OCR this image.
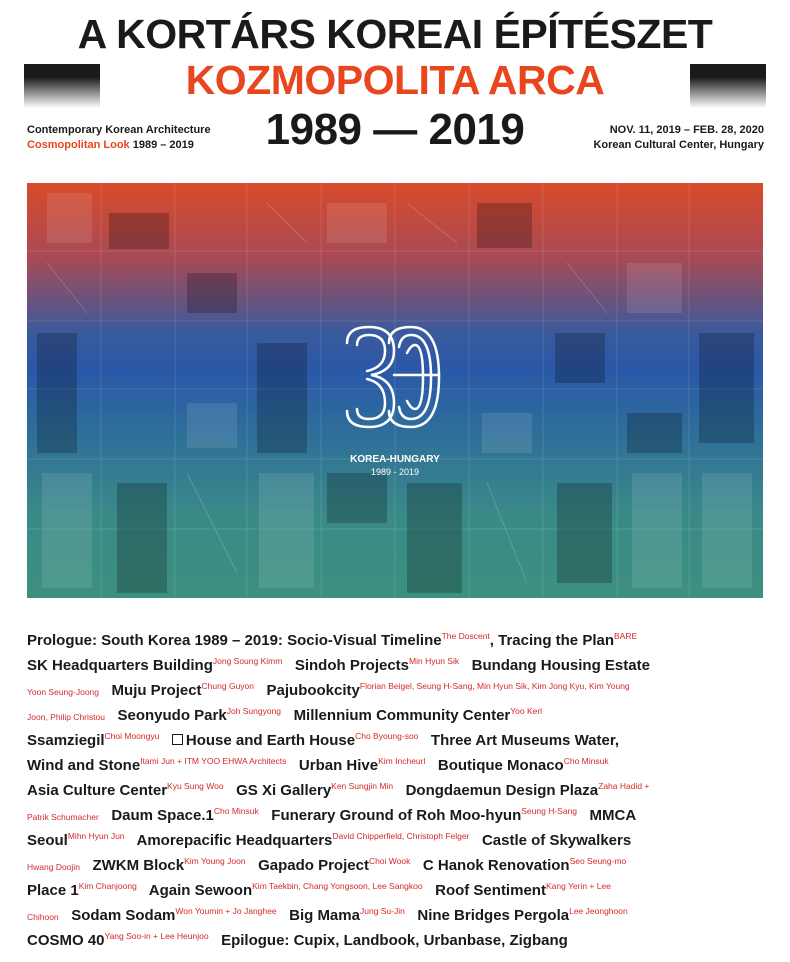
A KORTÁRS KOREAI ÉPÍTÉSZET
KOZMOPOLITA ARCA
Contemporary Korean Architecture
Cosmopolitan Look 1989 – 2019	1989 — 2019	NOV. 11, 2019 – FEB. 28, 2020
Korean Cultural Center, Hungary
KOREA-HUNGARY
1989 - 2019
Prologue: South Korea 1989 – 2019: Socio-Visual Timeline$^{The Doscent}$, Tracing the Plan$^{BARE}$
SK Headquarters Building$^{Jong Soung Kimm}$ Sindoh Projects$^{Min Hyun Sik}$ Bundang Housing Estate
Yoon Seung-Joong Muju Project$^{Chung Guyon}$ Pajubookcity$^{Florian Beigel, Seung H-Sang, Min Hyun Sik, Kim Jong Kyu, Kim Young}$
Joon, Philip Christou Seonyudo Park$^{Joh Sungyong}$ Millennium Community Center$^{Yoo Kerl}$
Ssamziegil$^{Choi Moongyu}$ House and Earth House$^{Cho Byoung-soo}$ Three Art Museums Water,
Wind and Stone$^{Itami Jun + ITM YOO EHWA Architects}$ Urban Hive$^{Kim Incheurl}$ Boutique Monaco$^{Cho Minsuk}$
Asia Culture Center$^{Kyu Sung Woo}$ GS Xi Gallery$^{Ken Sungjin Min}$ Dongdaemun Design Plaza$^{Zaha Hadid +}$
Patrik Schumacher Daum $Space.1^{Cho Minsuk}$ Funerary Ground of Roh Moo-hyun$^{Seung H-Sang}$ MMCA
Seoul$^{Mihn Hyun Jun}$ Amorepacific Headquarters$^{David Chipperfield, Christoph Felger}$ Castle of Skywalkers
Hwang Doojin ZWKM Block$^{Kim Young Joon}$ Gapado Project$^{Choi Wook}$ C Hanok Renovation$^{Seo Seung-mo}$
Place $1^{Kim Chanjoong}$ Again Sewoon$^{Kim Taekbin, Chang Yongsoon, Lee Sangkoo}$ Roof Sentiment$^{Kang Yerin + Lee}$
Chihoon Sodam Sodam$^{Won Youmin + Jo Janghee}$ Big Mama$^{Jung Su-Jin}$ Nine Bridges Pergola$^{Lee Jeonghoon}$
COSMO $40^{Yang Soo-in + Lee Heunjoo}$ Epilogue: Cupix, Landbook, Urbanbase, Zigbang
